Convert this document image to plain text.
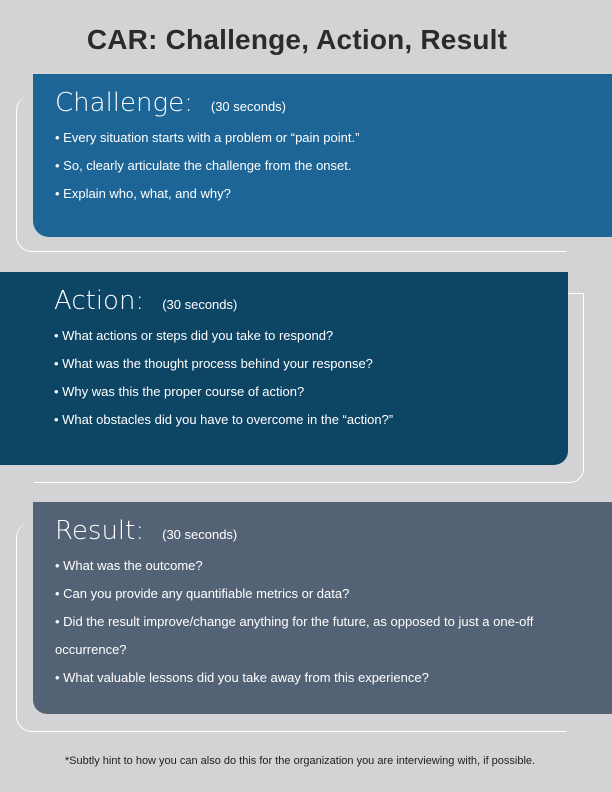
CAR: Challenge, Action, Result
Challenge: (30 seconds)
• Every situation starts with a problem or “pain point.”
• So, clearly articulate the challenge from the onset.
• Explain who, what, and why?
Action: (30 seconds)
• What actions or steps did you take to respond?
• What was the thought process behind your response?
• Why was this the proper course of action?
• What obstacles did you have to overcome in the “action?”
Result: (30 seconds)
• What was the outcome?
• Can you provide any quantifiable metrics or data?
• Did the result improve/change anything for the future, as opposed to just a one-off
occurrence?
• What valuable lessons did you take away from this experience?
*Subtly hint to how you can also do this for the organization you are interviewing with, if possible.
